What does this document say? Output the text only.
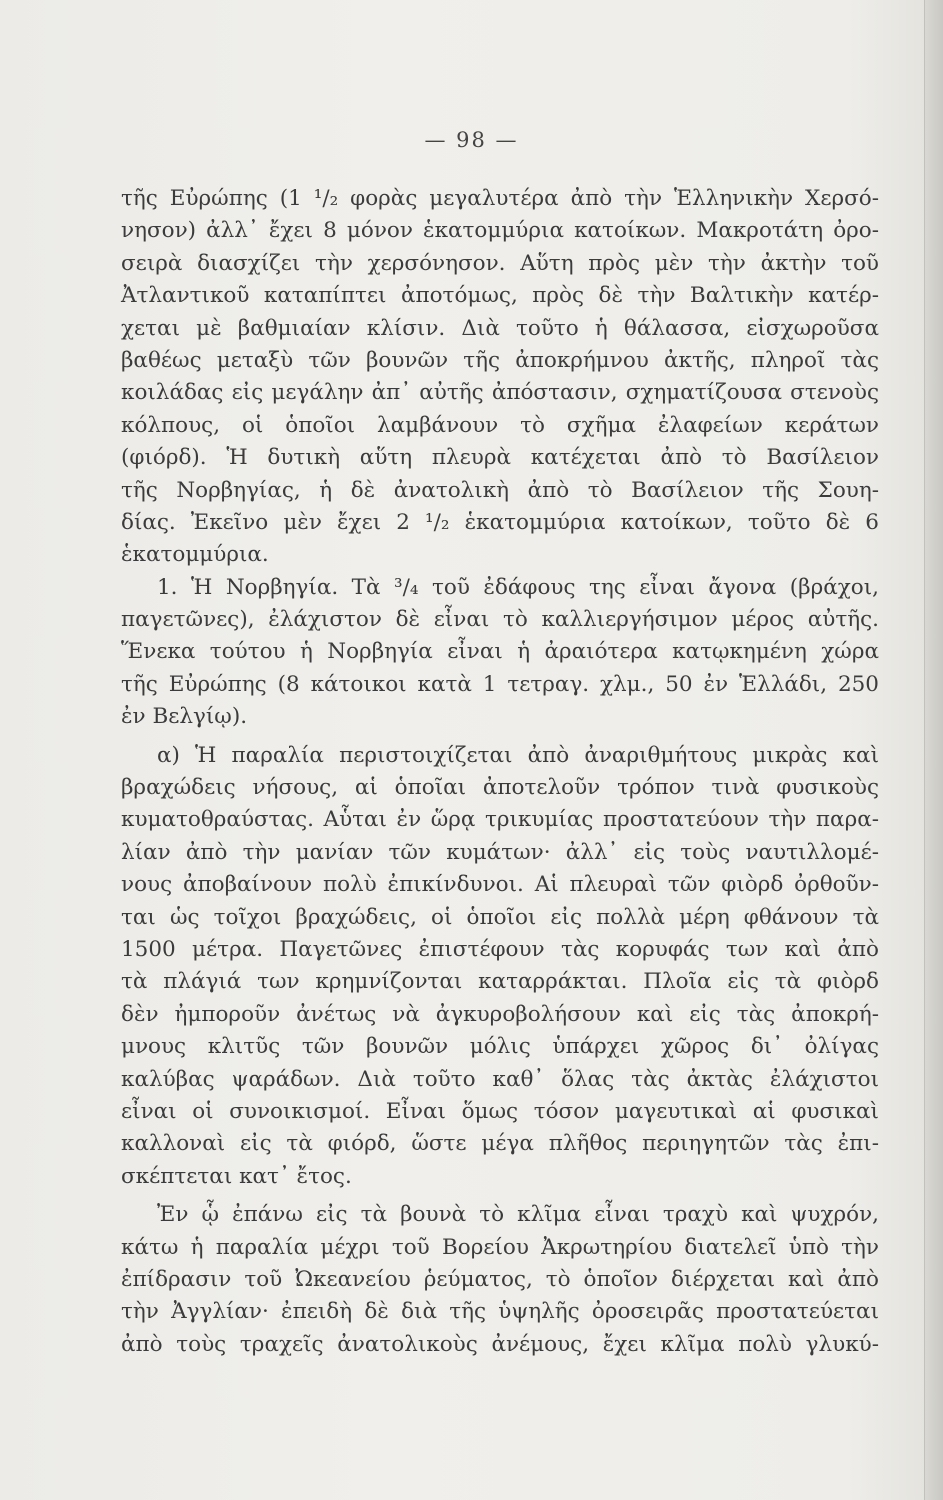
— 98 —
τῆς Εὐρώπης (1 ¹/₂ φορὰς μεγαλυτέρα ἀπὸ τὴν Ἑλληνικὴν Χερσό-
νησον) ἀλλ᾽ ἔχει 8 μόνον ἑκατομμύρια κατοίκων. Μακροτάτη ὀρο-
σειρὰ διασχίζει τὴν χερσόνησον. Αὕτη πρὸς μὲν τὴν ἀκτὴν τοῦ
Ἀτλαντικοῦ καταπίπτει ἀποτόμως, πρὸς δὲ τὴν Βαλτικὴν κατέρ-
χεται μὲ βαθμιαίαν κλίσιν. Διὰ τοῦτο ἡ θάλασσα, εἰσχωροῦσα
βαθέως μεταξὺ τῶν βουνῶν τῆς ἀποκρήμνου ἀκτῆς, πληροῖ τὰς
κοιλάδας εἰς μεγάλην ἀπ᾽ αὐτῆς ἀπόστασιν, σχηματίζουσα στενοὺς
κόλπους, οἱ ὁποῖοι λαμβάνουν τὸ σχῆμα ἐλαφείων κεράτων
(φιόρδ). Ἡ δυτικὴ αὕτη πλευρὰ κατέχεται ἀπὸ τὸ Βασίλειον
τῆς Νορβηγίας, ἡ δὲ ἀνατολικὴ ἀπὸ τὸ Βασίλειον τῆς Σουη-
δίας. Ἐκεῖνο μὲν ἔχει 2 ¹/₂ ἑκατομμύρια κατοίκων, τοῦτο δὲ 6
ἑκατομμύρια.
1. Ἡ Νορβηγία. Τὰ ³/₄ τοῦ ἐδάφους της εἶναι ἄγονα (βράχοι,
παγετῶνες), ἐλάχιστον δὲ εἶναι τὸ καλλιεργήσιμον μέρος αὐτῆς.
Ἕνεκα τούτου ἡ Νορβηγία εἶναι ἡ ἀραιότερα κατῳκημένη χώρα
τῆς Εὐρώπης (8 κάτοικοι κατὰ 1 τετραγ. χλμ., 50 ἐν Ἑλλάδι, 250
ἐν Βελγίῳ).
α) Ἡ παραλία περιστοιχίζεται ἀπὸ ἀναριθμήτους μικρὰς καὶ
βραχώδεις νήσους, αἱ ὁποῖαι ἀποτελοῦν τρόπον τινὰ φυσικοὺς
κυματοθραύστας. Αὗται ἐν ὥρᾳ τρικυμίας προστατεύουν τὴν παρα-
λίαν ἀπὸ τὴν μανίαν τῶν κυμάτων· ἀλλ᾽ εἰς τοὺς ναυτιλλομέ-
νους ἀποβαίνουν πολὺ ἐπικίνδυνοι. Αἱ πλευραὶ τῶν φιὸρδ ὀρθοῦν-
ται ὡς τοῖχοι βραχώδεις, οἱ ὁποῖοι εἰς πολλὰ μέρη φθάνουν τὰ
1500 μέτρα. Παγετῶνες ἐπιστέφουν τὰς κορυφάς των καὶ ἀπὸ
τὰ πλάγιά των κρημνίζονται καταρράκται. Πλοῖα εἰς τὰ φιὸρδ
δὲν ἠμποροῦν ἀνέτως νὰ ἀγκυροβολήσουν καὶ εἰς τὰς ἀποκρή-
μνους κλιτῦς τῶν βουνῶν μόλις ὑπάρχει χῶρος δι᾽ ὀλίγας
καλύβας ψαράδων. Διὰ τοῦτο καθ᾽ ὅλας τὰς ἀκτὰς ἐλάχιστοι
εἶναι οἱ συνοικισμοί. Εἶναι ὅμως τόσον μαγευτικαὶ αἱ φυσικαὶ
καλλοναὶ εἰς τὰ φιόρδ, ὥστε μέγα πλῆθος περιηγητῶν τὰς ἐπι-
σκέπτεται κατ᾽ ἔτος.
Ἐν ᾧ ἐπάνω εἰς τὰ βουνὰ τὸ κλῖμα εἶναι τραχὺ καὶ ψυχρόν,
κάτω ἡ παραλία μέχρι τοῦ Βορείου Ἀκρωτηρίου διατελεῖ ὑπὸ τὴν
ἐπίδρασιν τοῦ Ὠκεανείου ῥεύματος, τὸ ὁποῖον διέρχεται καὶ ἀπὸ
τὴν Ἀγγλίαν· ἐπειδὴ δὲ διὰ τῆς ὑψηλῆς ὀροσειρᾶς προστατεύεται
ἀπὸ τοὺς τραχεῖς ἀνατολικοὺς ἀνέμους, ἔχει κλῖμα πολὺ γλυκύ-
